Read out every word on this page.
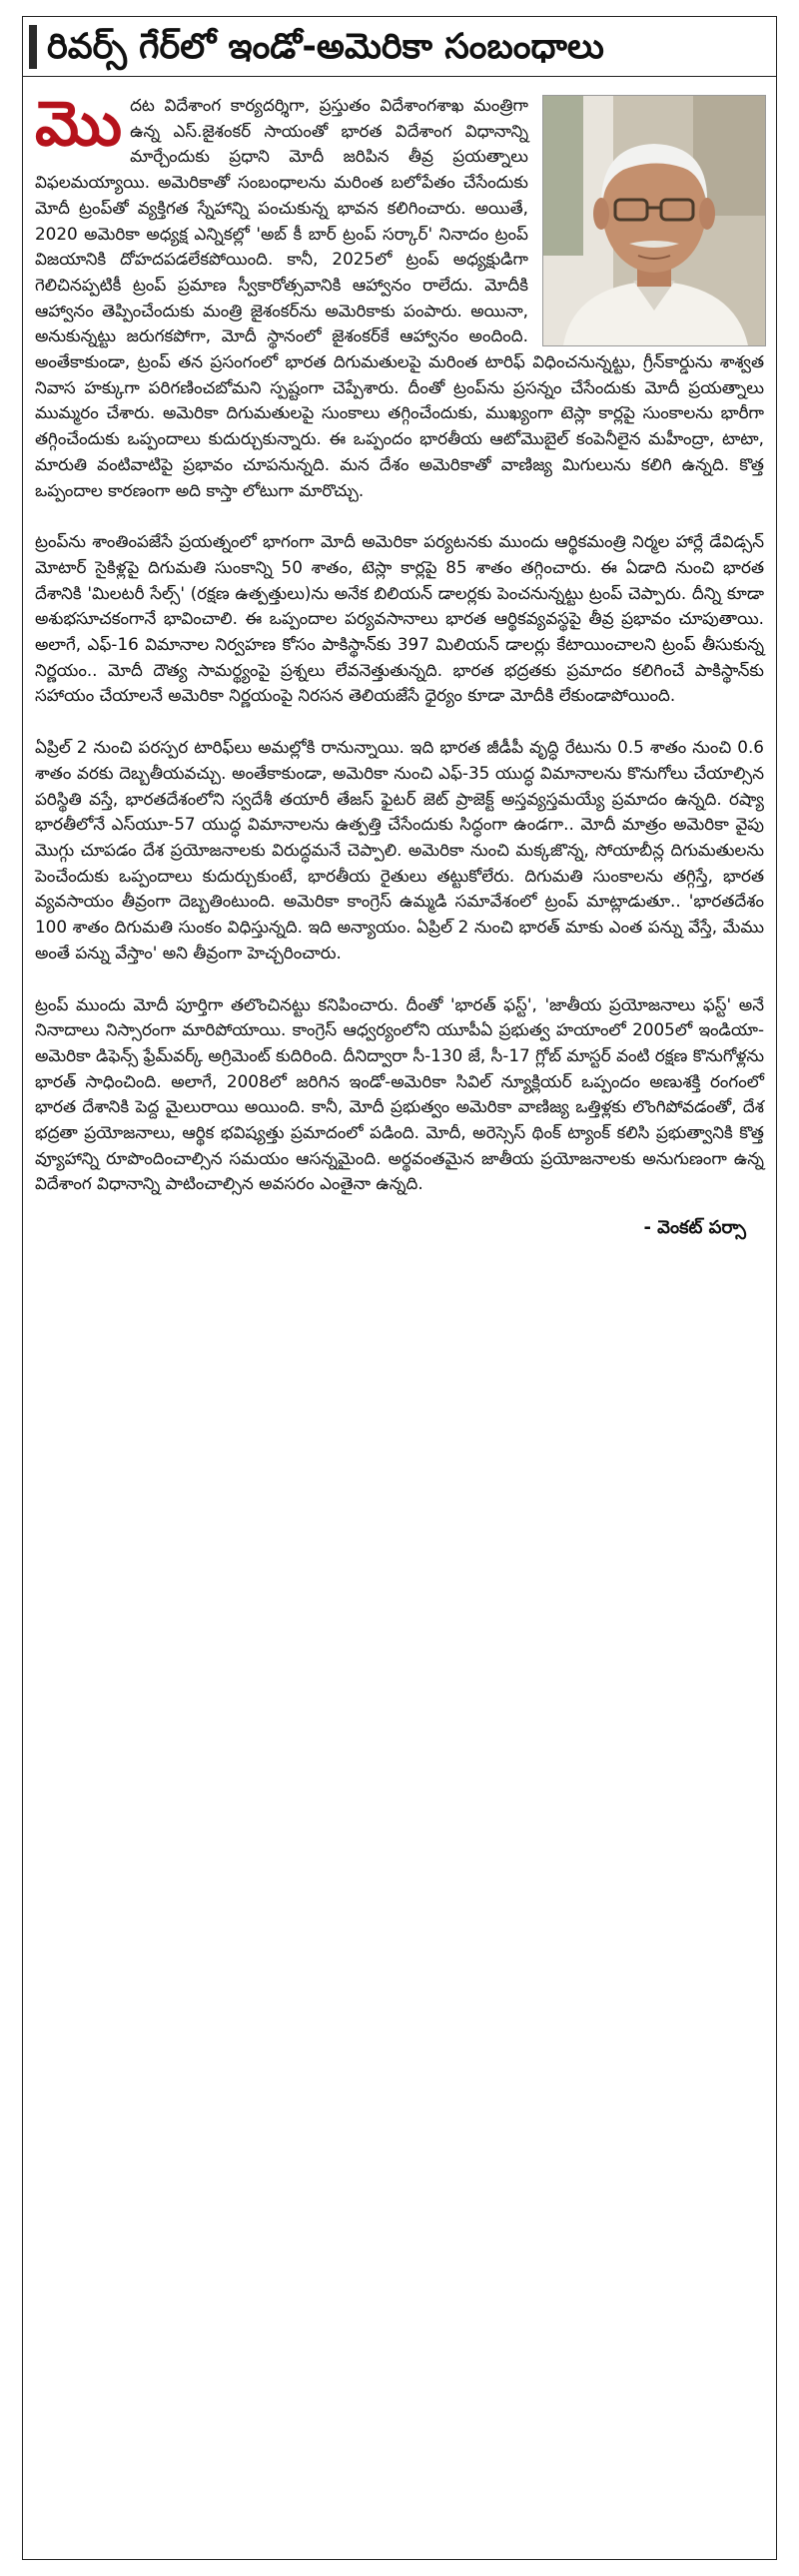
రివర్స్ గేర్‌లో ఇండో-అమెరికా సంబంధాలు

మొదట విదేశాంగ కార్యదర్శిగా, ప్రస్తుతం విదేశాంగశాఖ మంత్రిగా ఉన్న ఎస్.జైశంకర్ సాయంతో భారత విదేశాంగ విధానాన్ని మార్చేందుకు ప్రధాని మోదీ జరిపిన తీవ్ర ప్రయత్నాలు విఫలమయ్యాయి. అమెరికాతో సంబంధాలను మరింత బలోపేతం చేసేందుకు మోదీ ట్రంప్‌తో వ్యక్తిగత స్నేహాన్ని పంచుకున్న భావన కలిగించారు. అయితే, 2020 అమెరికా అధ్యక్ష ఎన్నికల్లో 'అబ్ కీ బార్ ట్రంప్ సర్కార్' నినాదం ట్రంప్ విజయానికి దోహదపడలేకపోయింది. కానీ, 2025లో ట్రంప్ అధ్యక్షుడిగా గెలిచినప్పటికీ ట్రంప్ ప్రమాణ స్వీకారోత్సవానికి ఆహ్వానం రాలేదు. మోదీకి ఆహ్వానం తెప్పించేందుకు మంత్రి జైశంకర్‌ను అమెరికాకు పంపారు. అయినా, అనుకున్నట్టు జరుగకపోగా, మోదీ స్థానంలో జైశంకర్‌కే ఆహ్వానం అందింది. అంతేకాకుండా, ట్రంప్ తన ప్రసంగంలో భారత దిగుమతులపై మరింత టారిఫ్ విధించనున్నట్టు, గ్రీన్‌కార్డును శాశ్వత నివాస హక్కుగా పరిగణించబోమని స్పష్టంగా చెప్పేశారు. దీంతో ట్రంప్‌ను ప్రసన్నం చేసేందుకు మోదీ ప్రయత్నాలు ముమ్మరం చేశారు. అమెరికా దిగుమతులపై సుంకాలు తగ్గించేందుకు, ముఖ్యంగా టెస్లా కార్లపై సుంకాలను భారీగా తగ్గించేందుకు ఒప్పందాలు కుదుర్చుకున్నారు. ఈ ఒప్పందం భారతీయ ఆటోమొబైల్ కంపెనీలైన మహీంద్రా, టాటా, మారుతి వంటివాటిపై ప్రభావం చూపనున్నది. మన దేశం అమెరికాతో వాణిజ్య మిగులును కలిగి ఉన్నది. కొత్త ఒప్పందాల కారణంగా అది కాస్తా లోటుగా మారొచ్చు.

ట్రంప్‌ను శాంతింపజేసే ప్రయత్నంలో భాగంగా మోదీ అమెరికా పర్యటనకు ముందు ఆర్థికమంత్రి నిర్మల హార్లే డేవిడ్సన్ మోటార్ సైకిళ్లపై దిగుమతి సుంకాన్ని 50 శాతం, టెస్లా కార్లపై 85 శాతం తగ్గించారు. ఈ ఏడాది నుంచి భారత దేశానికి 'మిలటరీ సేల్స్' (రక్షణ ఉత్పత్తులు)ను అనేక బిలియన్ డాలర్లకు పెంచనున్నట్టు ట్రంప్ చెప్పారు. దీన్ని కూడా అశుభసూచకంగానే భావించాలి. ఈ ఒప్పందాల పర్యవసానాలు భారత ఆర్థికవ్యవస్థపై తీవ్ర ప్రభావం చూపుతాయి. అలాగే, ఎఫ్-16 విమానాల నిర్వహణ కోసం పాకిస్థాన్‌కు 397 మిలియన్ డాలర్లు కేటాయించాలని ట్రంప్ తీసుకున్న నిర్ణయం.. మోదీ దౌత్య సామర్థ్యంపై ప్రశ్నలు లేవనెత్తుతున్నది. భారత భద్రతకు ప్రమాదం కలిగించే పాకిస్థాన్‌కు సహాయం చేయాలనే అమెరికా నిర్ణయంపై నిరసన తెలియజేసే ధైర్యం కూడా మోదీకి లేకుండాపోయింది.

ఏప్రిల్ 2 నుంచి పరస్పర టారిఫ్‌లు అమల్లోకి రానున్నాయి. ఇది భారత జీడీపీ వృద్ధి రేటును 0.5 శాతం నుంచి 0.6 శాతం వరకు దెబ్బతీయవచ్చు. అంతేకాకుండా, అమెరికా నుంచి ఎఫ్-35 యుద్ధ విమానాలను కొనుగోలు చేయాల్సిన పరిస్థితి వస్తే, భారతదేశంలోని స్వదేశీ తయారీ తేజస్ ఫైటర్ జెట్ ప్రాజెక్ట్ అస్తవ్యస్తమయ్యే ప్రమాదం ఉన్నది. రష్యా భారతీలోనే ఎస్‌యూ-57 యుద్ధ విమానాలను ఉత్పత్తి చేసేందుకు సిద్ధంగా ఉండగా.. మోదీ మాత్రం అమెరికా వైపు మొగ్గు చూపడం దేశ ప్రయోజనాలకు విరుద్ధమనే చెప్పాలి. అమెరికా నుంచి మక్కజొన్న, సోయాబీన్ల దిగుమతులను పెంచేందుకు ఒప్పందాలు కుదుర్చుకుంటే, భారతీయ రైతులు తట్టుకోలేరు. దిగుమతి సుంకాలను తగ్గిస్తే, భారత వ్యవసాయం తీవ్రంగా దెబ్బతింటుంది. అమెరికా కాంగ్రెస్ ఉమ్మడి సమావేశంలో ట్రంప్ మాట్లాడుతూ.. 'భారతదేశం 100 శాతం దిగుమతి సుంకం విధిస్తున్నది. ఇది అన్యాయం. ఏప్రిల్ 2 నుంచి భారత్ మాకు ఎంత పన్ను వేస్తే, మేము అంతే పన్ను వేస్తాం' అని తీవ్రంగా హెచ్చరించారు.

ట్రంప్ ముందు మోదీ పూర్తిగా తలొంచినట్టు కనిపించారు. దీంతో 'భారత్ ఫస్ట్', 'జాతీయ ప్రయోజనాలు ఫస్ట్' అనే నినాదాలు నిస్సారంగా మారిపోయాయి. కాంగ్రెస్ ఆధ్వర్యంలోని యూపీఏ ప్రభుత్వ హయాంలో 2005లో ఇండియా-అమెరికా డిఫెన్స్ ఫ్రేమ్‌వర్క్ అగ్రిమెంట్ కుదిరింది. దీనిద్వారా సీ-130 జే, సీ-17 గ్లోబ్ మాస్టర్ వంటి రక్షణ కొనుగోళ్లను భారత్ సాధించింది. అలాగే, 2008లో జరిగిన ఇండో-అమెరికా సివిల్ న్యూక్లియర్ ఒప్పందం అణుశక్తి రంగంలో భారత దేశానికి పెద్ద మైలురాయి అయింది. కానీ, మోదీ ప్రభుత్వం అమెరికా వాణిజ్య ఒత్తిళ్లకు లొంగిపోవడంతో, దేశ భద్రతా ప్రయోజనాలు, ఆర్థిక భవిష్యత్తు ప్రమాదంలో పడింది. మోదీ, అరెస్సెస్ థింక్ ట్యాంక్ కలిసి ప్రభుత్వానికి కొత్త వ్యూహాన్ని రూపొందించాల్సిన సమయం ఆసన్నమైంది. అర్థవంతమైన జాతీయ ప్రయోజనాలకు అనుగుణంగా ఉన్న విదేశాంగ విధానాన్ని పాటించాల్సిన అవసరం ఎంతైనా ఉన్నది.

- వెంకట్ పర్సా
